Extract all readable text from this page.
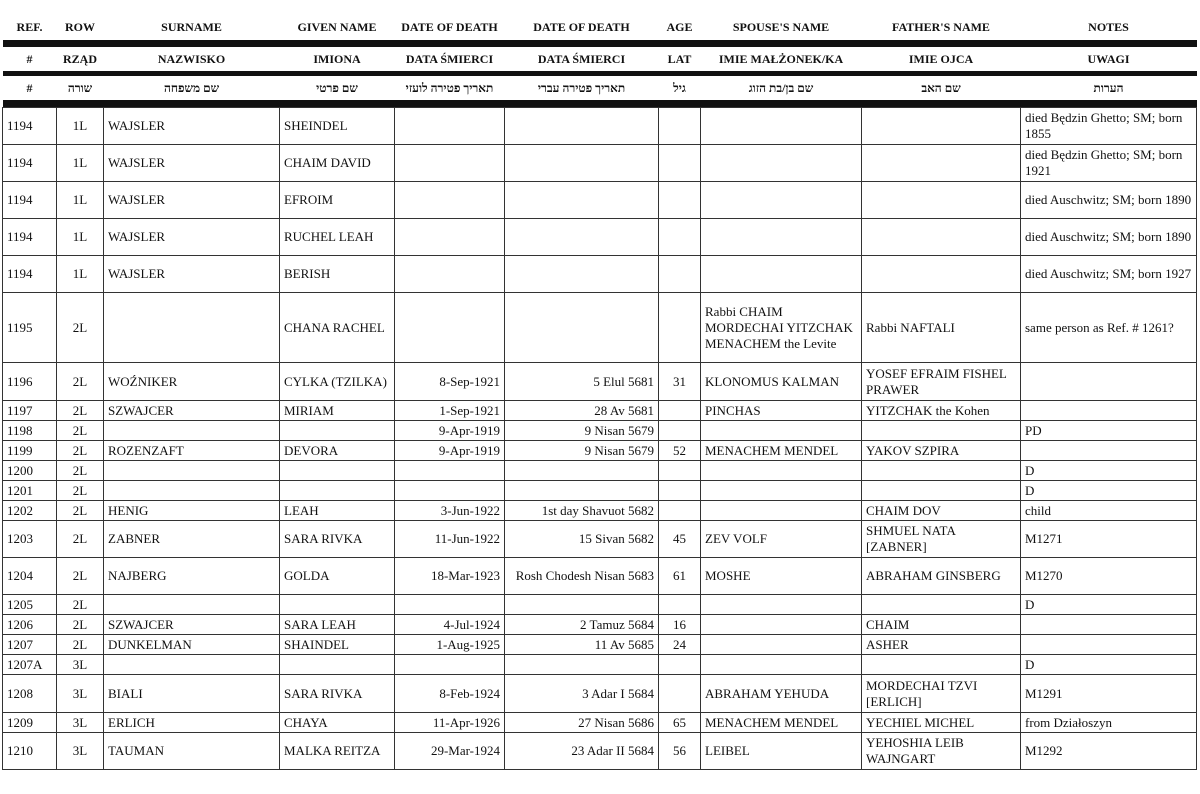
REF.	ROW	SURNAME	GIVEN NAME	DATE OF DEATH	DATE OF DEATH	AGE	SPOUSE'S NAME	FATHER'S NAME	NOTES

#	RZĄD	NAZWISKO	IMIONA	DATA ŚMIERCI	DATA ŚMIERCI	LAT	IMIE MAŁŻONEK/KA	IMIE OJCA	UWAGI

#	שורה	שם משפחה	שם פרטי	תאריך פטירה לועזי	תאריך פטירה עברי	גיל	שם בן/בת הזוג	שם האב	הערות

1194	1L	WAJSLER	SHEINDEL						died Będzin Ghetto; SM; born 1855
1194	1L	WAJSLER	CHAIM DAVID						died Będzin Ghetto; SM; born 1921
1194	1L	WAJSLER	EFROIM						died Auschwitz; SM; born 1890
1194	1L	WAJSLER	RUCHEL LEAH						died Auschwitz; SM; born 1890
1194	1L	WAJSLER	BERISH						died Auschwitz; SM; born 1927
1195	2L		CHANA RACHEL				Rabbi CHAIM MORDECHAI YITZCHAK MENACHEM the Levite	Rabbi NAFTALI	same person as Ref. # 1261?
1196	2L	WOŹNIKER	CYLKA (TZILKA)	8-Sep-1921	5 Elul 5681	31	KLONOMUS KALMAN	YOSEF EFRAIM FISHEL PRAWER	
1197	2L	SZWAJCER	MIRIAM	1-Sep-1921	28 Av 5681		PINCHAS	YITZCHAK the Kohen	
1198	2L			9-Apr-1919	9 Nisan 5679				PD
1199	2L	ROZENZAFT	DEVORA	9-Apr-1919	9 Nisan 5679	52	MENACHEM MENDEL	YAKOV SZPIRA	
1200	2L								D
1201	2L								D
1202	2L	HENIG	LEAH	3-Jun-1922	1st day Shavuot 5682			CHAIM DOV	child
1203	2L	ZABNER	SARA RIVKA	11-Jun-1922	15 Sivan 5682	45	ZEV VOLF	SHMUEL NATA [ZABNER]	M1271
1204	2L	NAJBERG	GOLDA	18-Mar-1923	Rosh Chodesh Nisan 5683	61	MOSHE	ABRAHAM GINSBERG	M1270
1205	2L								D
1206	2L	SZWAJCER	SARA LEAH	4-Jul-1924	2 Tamuz 5684	16		CHAIM	
1207	2L	DUNKELMAN	SHAINDEL	1-Aug-1925	11 Av 5685	24		ASHER	
1207A	3L								D
1208	3L	BIALI	SARA RIVKA	8-Feb-1924	3 Adar I 5684		ABRAHAM YEHUDA	MORDECHAI TZVI [ERLICH]	M1291
1209	3L	ERLICH	CHAYA	11-Apr-1926	27 Nisan 5686	65	MENACHEM MENDEL	YECHIEL MICHEL	from Działoszyn
1210	3L	TAUMAN	MALKA REITZA	29-Mar-1924	23 Adar II 5684	56	LEIBEL	YEHOSHIA LEIB WAJNGART	M1292
